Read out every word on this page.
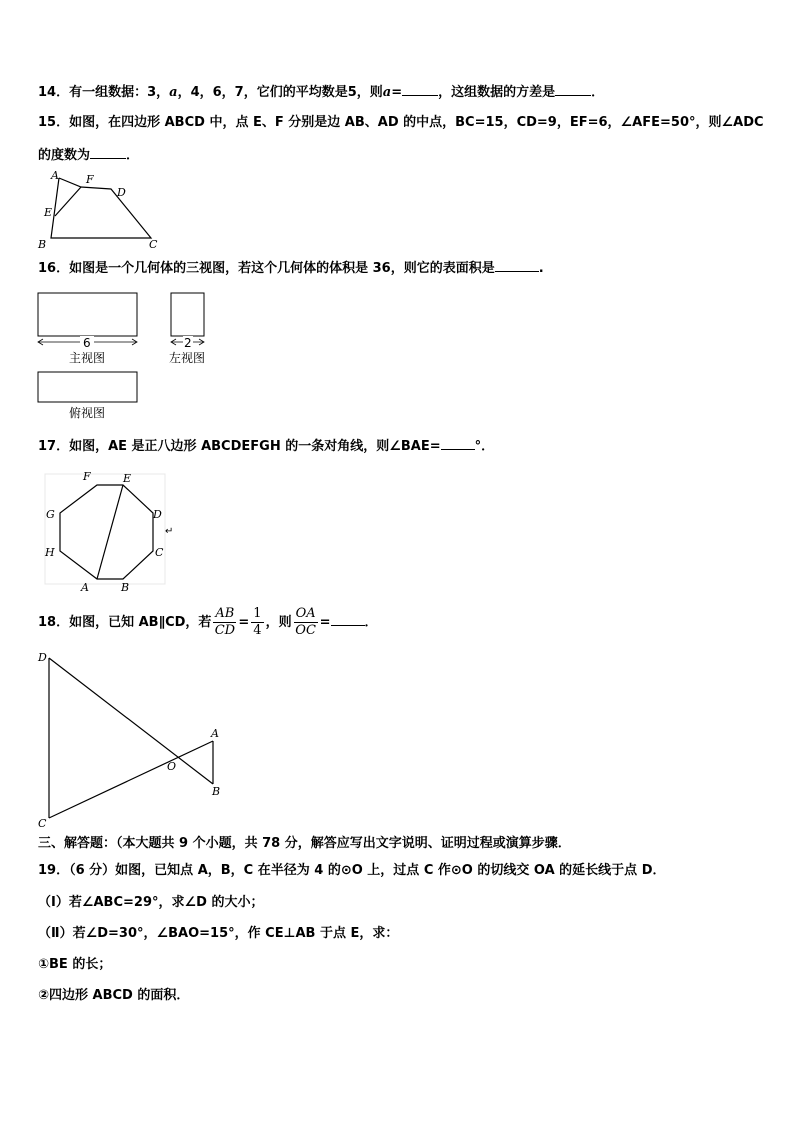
14．有一组数据：3，a，4，6，7，它们的平均数是5，则a=	，这组数据的方差是	．
15．如图，在四边形 ABCD 中，点 E、F 分别是边 AB、AD 的中点，BC=15，CD=9，EF=6，∠AFE=50°，则∠ADC
的度数为	．
A F
D
E
B	C
16．如图是一个几何体的三视图，若这个几何体的体积是 36，则它的表面积是	.
6
主视图
2
左视图
俯视图
17．如图，AE 是正八边形 ABCDEFGH 的一条对角线，则∠BAE=	°．
F	E
G	D
↵
H	C
A	B
18．如图，已知 AB∥CD，若 $\frac{AB}{CD} = \frac{1}{4}$ ，则 $\frac{OA}{OC}$ =	．
D
A
O
B
C
三、解答题：（本大题共 9 个小题，共 78 分，解答应写出文字说明、证明过程或演算步骤．
19．（6 分）如图，已知点 A，B，C 在半径为 4 的⊙O 上，过点 C 作⊙O 的切线交 OA 的延长线于点 D．
（Ⅰ）若∠ABC=29°，求∠D 的大小；
（Ⅱ）若∠D=30°，∠BAO=15°，作 CE⊥AB 于点 E，求：
①BE 的长；
②四边形 ABCD 的面积．
